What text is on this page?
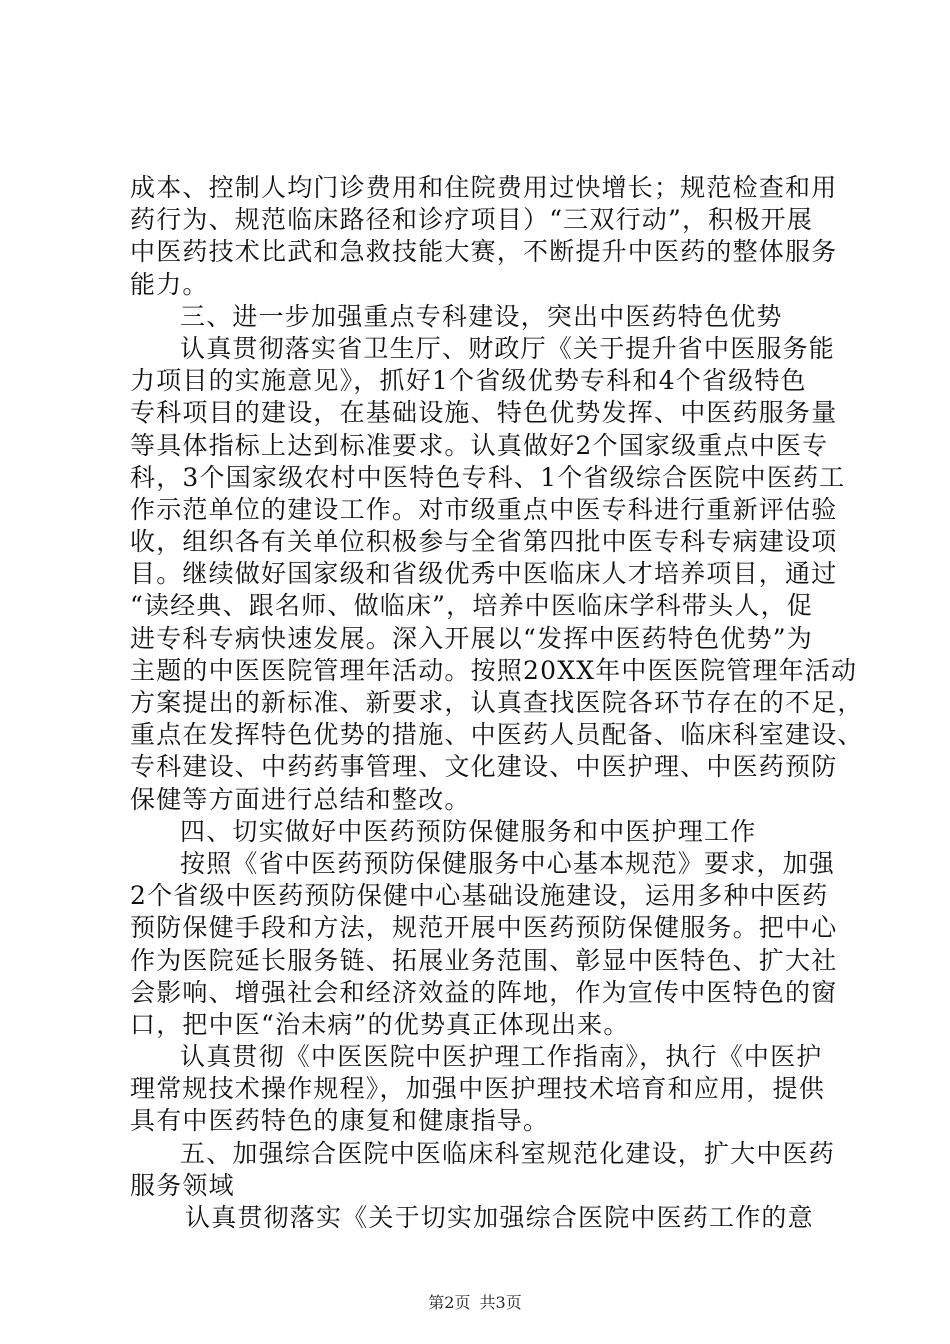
成本、控制人均门诊费用和住院费用过快增长；规范检查和用
药行为、规范临床路径和诊疗项目）“三双行动”，积极开展
中医药技术比武和急救技能大赛，不断提升中医药的整体服务
能力。
三、进一步加强重点专科建设，突出中医药特色优势
认真贯彻落实省卫生厅、财政厅《关于提升省中医服务能
力项目的实施意见》，抓好1个省级优势专科和4个省级特色
专科项目的建设，在基础设施、特色优势发挥、中医药服务量
等具体指标上达到标准要求。认真做好2个国家级重点中医专
科，3个国家级农村中医特色专科、1个省级综合医院中医药工
作示范单位的建设工作。对市级重点中医专科进行重新评估验
收，组织各有关单位积极参与全省第四批中医专科专病建设项
目。继续做好国家级和省级优秀中医临床人才培养项目，通过
“读经典、跟名师、做临床”，培养中医临床学科带头人，促
进专科专病快速发展。深入开展以“发挥中医药特色优势”为
主题的中医医院管理年活动。按照20XX年中医医院管理年活动
方案提出的新标准、新要求，认真查找医院各环节存在的不足，
重点在发挥特色优势的措施、中医药人员配备、临床科室建设、
专科建设、中药药事管理、文化建设、中医护理、中医药预防
保健等方面进行总结和整改。
四、切实做好中医药预防保健服务和中医护理工作
按照《省中医药预防保健服务中心基本规范》要求，加强
2个省级中医药预防保健中心基础设施建设，运用多种中医药
预防保健手段和方法，规范开展中医药预防保健服务。把中心
作为医院延长服务链、拓展业务范围、彰显中医特色、扩大社
会影响、增强社会和经济效益的阵地，作为宣传中医特色的窗
口，把中医“治未病”的优势真正体现出来。
认真贯彻《中医医院中医护理工作指南》，执行《中医护
理常规技术操作规程》，加强中医护理技术培育和应用，提供
具有中医药特色的康复和健康指导。
五、加强综合医院中医临床科室规范化建设，扩大中医药
服务领域
认真贯彻落实《关于切实加强综合医院中医药工作的意
第2页 共3页
